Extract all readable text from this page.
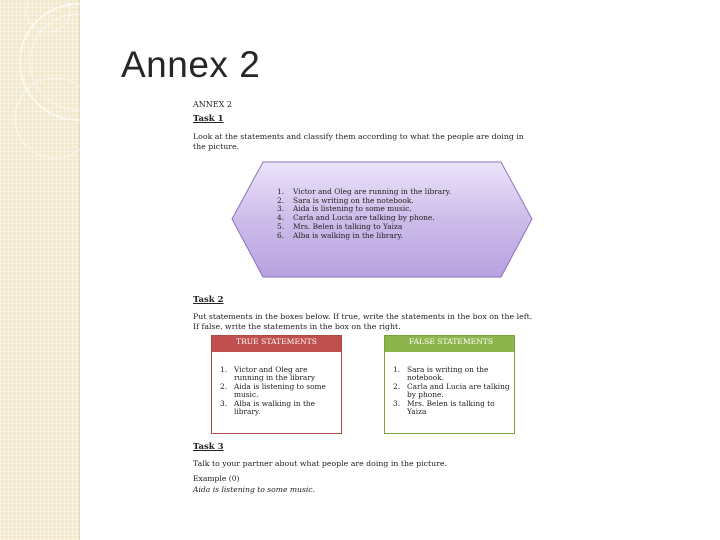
Annex 2
ANNEX 2
Task 1
Look at the statements and classify them according to what the people are doing in the picture.
1. Victor and Oleg are running in the library.
2. Sara is writing on the notebook.
3. Aida is listening to some music.
4. Carla and Lucia are talking by phone.
5. Mrs. Belen is talking to Yaiza
6. Alba is walking in the library.
Task 2
Put statements in the boxes below. If true, write the statements in the box on the left. If false, write the statements in the box on the right.
TRUE STATEMENTS
1. Victor and Oleg are running in the library
2. Aida is listening to some music.
3. Alba is walking in the library.
FALSE STATEMENTS
1. Sara is writing on the notebook.
2. Carla and Lucia are talking by phone.
3. Mrs. Belen is talking to Yaiza
Task 3
Talk to your partner about what people are doing in the picture.
Example (0)
Aida is listening to some music.
